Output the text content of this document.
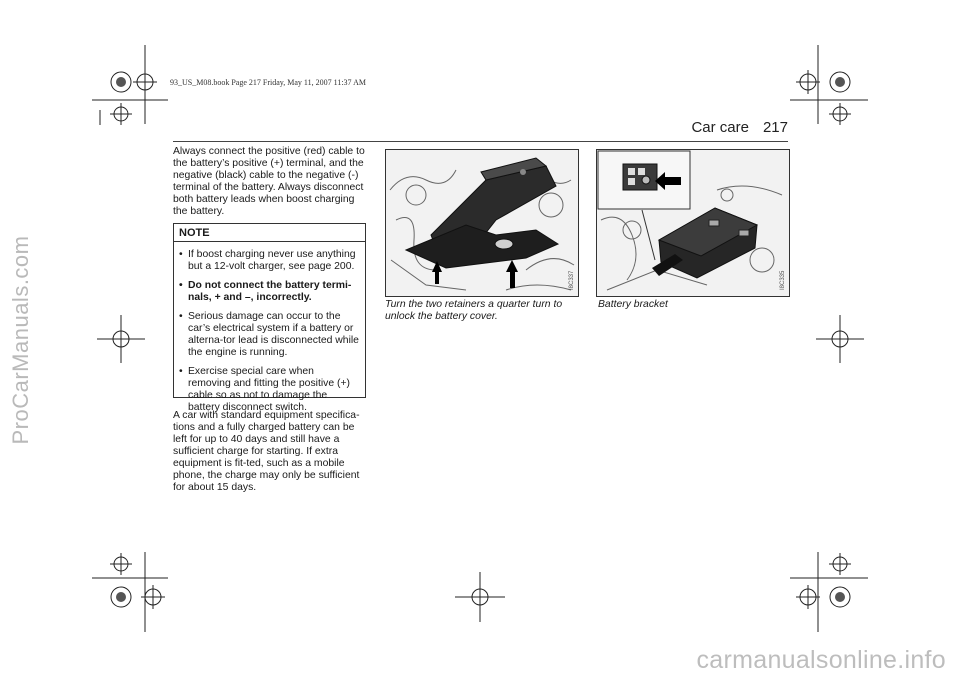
ProCarManuals.com
93_US_M08.book Page 217 Friday, May 11, 2007 11:37 AM
Car care 217

Always connect the positive (red) cable to the battery’s positive (+) terminal, and the negative (black) cable to the negative (-) terminal of the battery. Always disconnect both battery leads when boost charging the battery.

NOTE
• If boost charging never use anything but a 12-volt charger, see page 200.
• Do not connect the battery termi-nals, + and –, incorrectly.
• Serious damage can occur to the car’s electrical system if a battery or alterna-tor lead is disconnected while the engine is running.
• Exercise special care when removing and fitting the positive (+) cable so as not to damage the battery disconnect switch.

A car with standard equipment specifica-tions and a fully charged battery can be left for up to 40 days and still have a sufficient charge for starting. If extra equipment is fit-ted, such as a mobile phone, the charge may only be sufficient for about 15 days.

I8C337
Turn the two retainers a quarter turn to unlock the battery cover.
I8C335
Battery bracket
carmanualsonline.info
